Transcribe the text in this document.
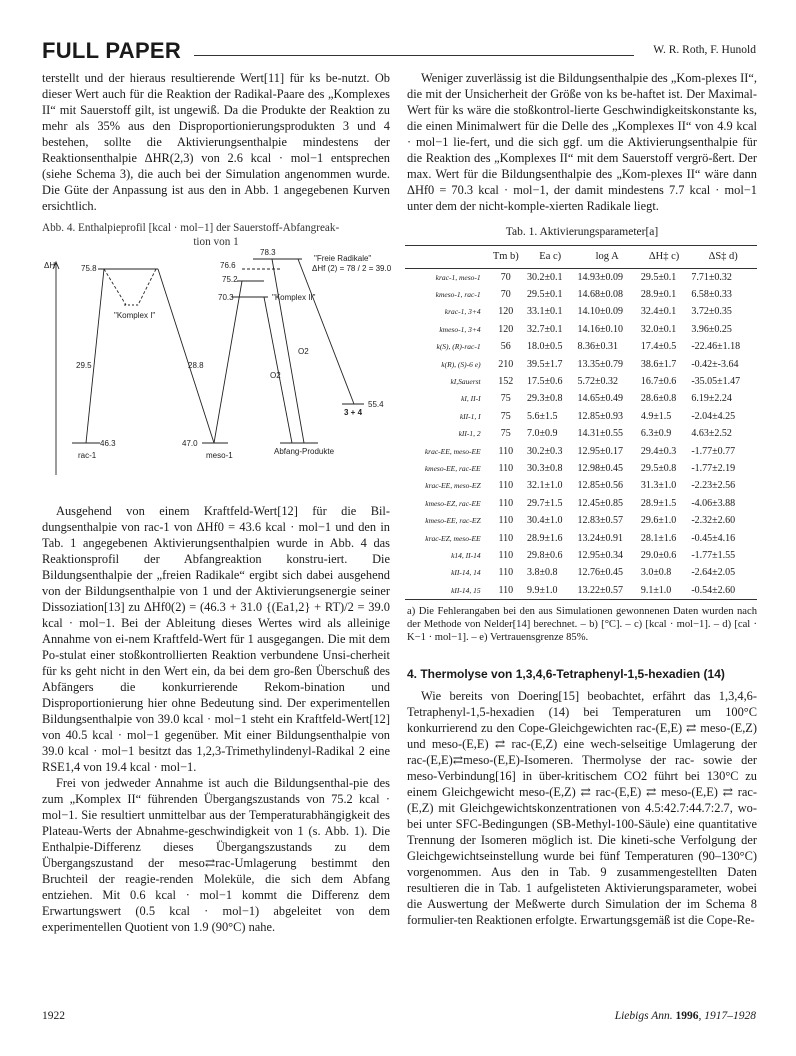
FULL PAPER	W. R. Roth, F. Hunold

terstellt und der hieraus resultierende Wert[11] für ks be-nutzt. Ob dieser Wert auch für die Reaktion der Radikal-Paare des „Komplexes II“ mit Sauerstoff gilt, ist ungewiß. Da die Produkte der Reaktion zu mehr als 35% aus den Disproportionierungsprodukten 3 und 4 bestehen, sollte die Aktivierungsenthalpie mindestens der Reaktionsenthalpie ΔHR(2,3) von 2.6 kcal · mol−1 entsprechen (siehe Schema 3), die auch bei der Simulation angenommen wurde. Die Güte der Anpassung ist aus den in Abb. 1 angegebenen Kurven ersichtlich.

Abb. 4. Enthalpieprofil [kcal · mol−1] der Sauerstoff-Abfangreak-
tion von 1
ΔH
78.3
76.6
75.8
75.2
70.3
"Freie Radikale"
ΔHf (2) = 78 / 2 = 39.0
"Komplex I"
"Komplex II"
29.5	28.8
O2
O2
55.4
3 + 4
46.3	47.0
rac-1	meso-1	Abfang-Produkte

Ausgehend von einem Kraftfeld-Wert[12] für die Bil-dungsenthalpie von rac-1 von ΔHf0 = 43.6 kcal · mol−1 und den in Tab. 1 angegebenen Aktivierungsenthalpien wurde in Abb. 4 das Reaktionsprofil der Abfangreaktion konstru-iert. Die Bildungsenthalpie der „freien Radikale“ ergibt sich dabei ausgehend von der Bildungsenthalpie von 1 und der Aktivierungsenergie seiner Dissoziation[13] zu ΔHf0(2) = (46.3 + 31.0 {(Ea1,2} + RT)/2 = 39.0 kcal · mol−1. Bei der Ableitung dieses Wertes wird als alleinige Annahme von ei-nem Kraftfeld-Wert für 1 ausgegangen. Die mit dem Po-stulat einer stoßkontrollierten Reaktion verbundene Unsi-cherheit für ks geht nicht in den Wert ein, da bei dem gro-ßen Überschuß des Abfängers die konkurrierende Rekom-bination und Disproportionierung hier ohne Bedeutung sind. Der experimentellen Bildungsenthalpie von 39.0 kcal · mol−1 steht ein Kraftfeld-Wert[12] von 40.5 kcal · mol−1 gegenüber. Mit einer Bildungsenthalpie von 39.0 kcal · mol−1 besitzt das 1,2,3-Trimethylindenyl-Radikal 2 eine RSE1,4 von 19.4 kcal · mol−1.

Frei von jedweder Annahme ist auch die Bildungsenthal-pie des zum „Komplex II“ führenden Übergangszustands von 75.2 kcal · mol−1. Sie resultiert unmittelbar aus der Temperaturabhängigkeit des Plateau-Werts der Abnahme-geschwindigkeit von 1 (s. Abb. 1). Die Enthalpie-Differenz dieses Übergangszustands zu dem Übergangszustand der meso⇄rac-Umlagerung bestimmt den Bruchteil der reagie-renden Moleküle, die sich dem Abfang entziehen. Mit 0.6 kcal · mol−1 kommt die Differenz dem Erwartungswert (0.5 kcal · mol−1) abgeleitet von dem experimentellen Quotient von 1.9 (90°C) nahe.

Weniger zuverlässig ist die Bildungsenthalpie des „Kom-plexes II“, die mit der Unsicherheit der Größe von ks be-haftet ist. Der Maximal-Wert für ks wäre die stoßkontrol-lierte Geschwindigkeitskonstante ks, die einen Minimalwert für die Delle des „Komplexes II“ von 4.9 kcal · mol−1 lie-fert, und die sich ggf. um die Aktivierungsenthalpie für die Reaktion des „Komplexes II“ mit dem Sauerstoff vergrö-ßert. Der max. Wert für die Bildungsenthalpie des „Kom-plexes II“ wäre dann ΔHf0 = 70.3 kcal · mol−1, der damit mindestens 7.7 kcal · mol−1 unter dem der nicht-komple-xierten Radikale liegt.

Tab. 1. Aktivierungsparameter[a]
	Tm b)	Ea c)	log A	ΔH‡ c)	ΔS‡ d)
krac-1, meso-1	70	30.2±0.1	14.93±0.09	29.5±0.1	7.71±0.32
kmeso-1, rac-1	70	29.5±0.1	14.68±0.08	28.9±0.1	6.58±0.33
krac-1, 3+4	120	33.1±0.1	14.10±0.09	32.4±0.1	3.72±0.35
kmeso-1, 3+4	120	32.7±0.1	14.16±0.10	32.0±0.1	3.96±0.25
k(S), (R)-rac-1	56	18.0±0.5	8.36±0.31	17.4±0.5	-22.46±1.18
k(R), (S)-6 e)	210	39.5±1.7	13.35±0.79	38.6±1.7	-0.42±-3.64
kI,Sauerst	152	17.5±0.6	5.72±0.32	16.7±0.6	-35.05±1.47
kI, II-I	75	29.3±0.8	14.65±0.49	28.6±0.8	6.19±2.24
kII-1, I	75	5.6±1.5	12.85±0.93	4.9±1.5	-2.04±4.25
kII-1, 2	75	7.0±0.9	14.31±0.55	6.3±0.9	4.63±2.52
krac-EE, meso-EE	110	30.2±0.3	12.95±0.17	29.4±0.3	-1.77±0.77
kmeso-EE, rac-EE	110	30.3±0.8	12.98±0.45	29.5±0.8	-1.77±2.19
krac-EE, meso-EZ	110	32.1±1.0	12.85±0.56	31.3±1.0	-2.23±2.56
kmeso-EZ, rac-EE	110	29.7±1.5	12.45±0.85	28.9±1.5	-4.06±3.88
kmeso-EE, rac-EZ	110	30.4±1.0	12.83±0.57	29.6±1.0	-2.32±2.60
krac-EZ, meso-EE	110	28.9±1.6	13.24±0.91	28.1±1.6	-0.45±4.16
k14, II-14	110	29.8±0.6	12.95±0.34	29.0±0.6	-1.77±1.55
kII-14, 14	110	3.8±0.8	12.76±0.45	3.0±0.8	-2.64±2.05
kII-14, 15	110	9.9±1.0	13.22±0.57	9.1±1.0	-0.54±2.60
a) Die Fehlerangaben bei den aus Simulationen gewonnenen Daten wurden nach der Methode von Nelder[14] berechnet. – b) [°C]. – c) [kcal · mol−1]. – d) [cal · K−1 · mol−1]. – e) Vertrauensgrenze 85%.
4. Thermolyse von 1,3,4,6-Tetraphenyl-1,5-hexadien (14)

Wie bereits von Doering[15] beobachtet, erfährt das 1,3,4,6-Tetraphenyl-1,5-hexadien (14) bei Temperaturen um 100°C konkurrierend zu den Cope-Gleichgewichten rac-(E,E) ⇄ meso-(E,Z) und meso-(E,E) ⇄ rac-(E,Z) eine wech-selseitige Umlagerung der rac-(E,E)⇄meso-(E,E)-Isomeren. Thermolyse der rac- sowie der meso-Verbindung[16] in über-kritischem CO2 führt bei 130°C zu einem Gleichgewicht meso-(E,Z) ⇄ rac-(E,E) ⇄ meso-(E,E) ⇄ rac-(E,Z) mit Gleichgewichtskonzentrationen von 4.5:42.7:44.7:2.7, wo-bei unter SFC-Bedingungen (SB-Methyl-100-Säule) eine quantitative Trennung der Isomeren möglich ist. Die kineti-sche Verfolgung der Gleichgewichtseinstellung wurde bei fünf Temperaturen (90–130°C) vorgenommen. Aus den in Tab. 9 zusammengestellten Daten resultieren die in Tab. 1 aufgelisteten Aktivierungsparameter, wobei die Auswertung der Meßwerte durch Simulation der im Schema 8 formulier-ten Reaktionen erfolgte. Erwartungsgemäß ist die Cope-Re-

1922	Liebigs Ann. 1996, 1917–1928
